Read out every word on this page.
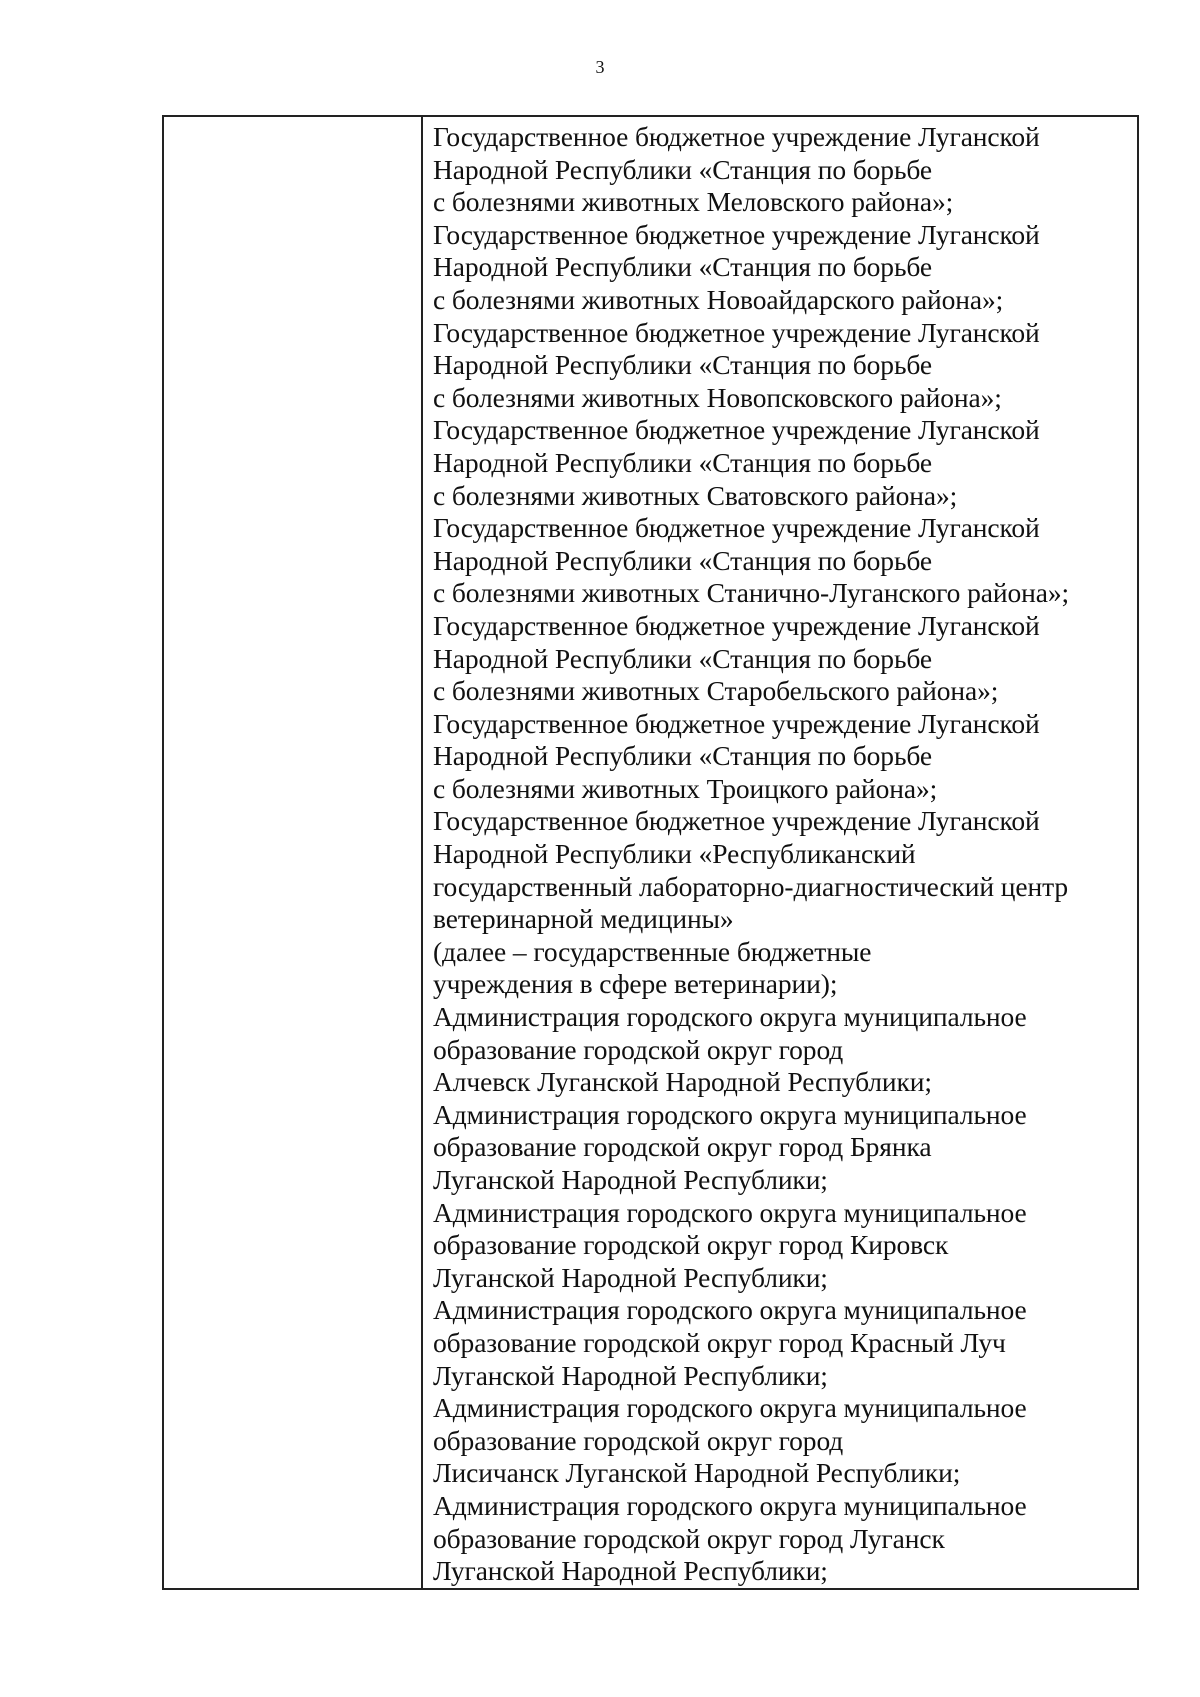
3

Государственное бюджетное учреждение Луганской
Народной Республики «Станция по борьбе
с болезнями животных Меловского района»;
Государственное бюджетное учреждение Луганской
Народной Республики «Станция по борьбе
с болезнями животных Новоайдарского района»;
Государственное бюджетное учреждение Луганской
Народной Республики «Станция по борьбе
с болезнями животных Новопсковского района»;
Государственное бюджетное учреждение Луганской
Народной Республики «Станция по борьбе
с болезнями животных Сватовского района»;
Государственное бюджетное учреждение Луганской
Народной Республики «Станция по борьбе
с болезнями животных Станично-Луганского района»;
Государственное бюджетное учреждение Луганской
Народной Республики «Станция по борьбе
с болезнями животных Старобельского района»;
Государственное бюджетное учреждение Луганской
Народной Республики «Станция по борьбе
с болезнями животных Троицкого района»;
Государственное бюджетное учреждение Луганской
Народной Республики «Республиканский
государственный лабораторно-диагностический центр
ветеринарной медицины»
(далее – государственные бюджетные
учреждения в сфере ветеринарии);
Администрация городского округа муниципальное
образование городской округ город
Алчевск Луганской Народной Республики;
Администрация городского округа муниципальное
образование городской округ город Брянка
Луганской Народной Республики;
Администрация городского округа муниципальное
образование городской округ город Кировск
Луганской Народной Республики;
Администрация городского округа муниципальное
образование городской округ город Красный Луч
Луганской Народной Республики;
Администрация городского округа муниципальное
образование городской округ город
Лисичанск Луганской Народной Республики;
Администрация городского округа муниципальное
образование городской округ город Луганск
Луганской Народной Республики;
